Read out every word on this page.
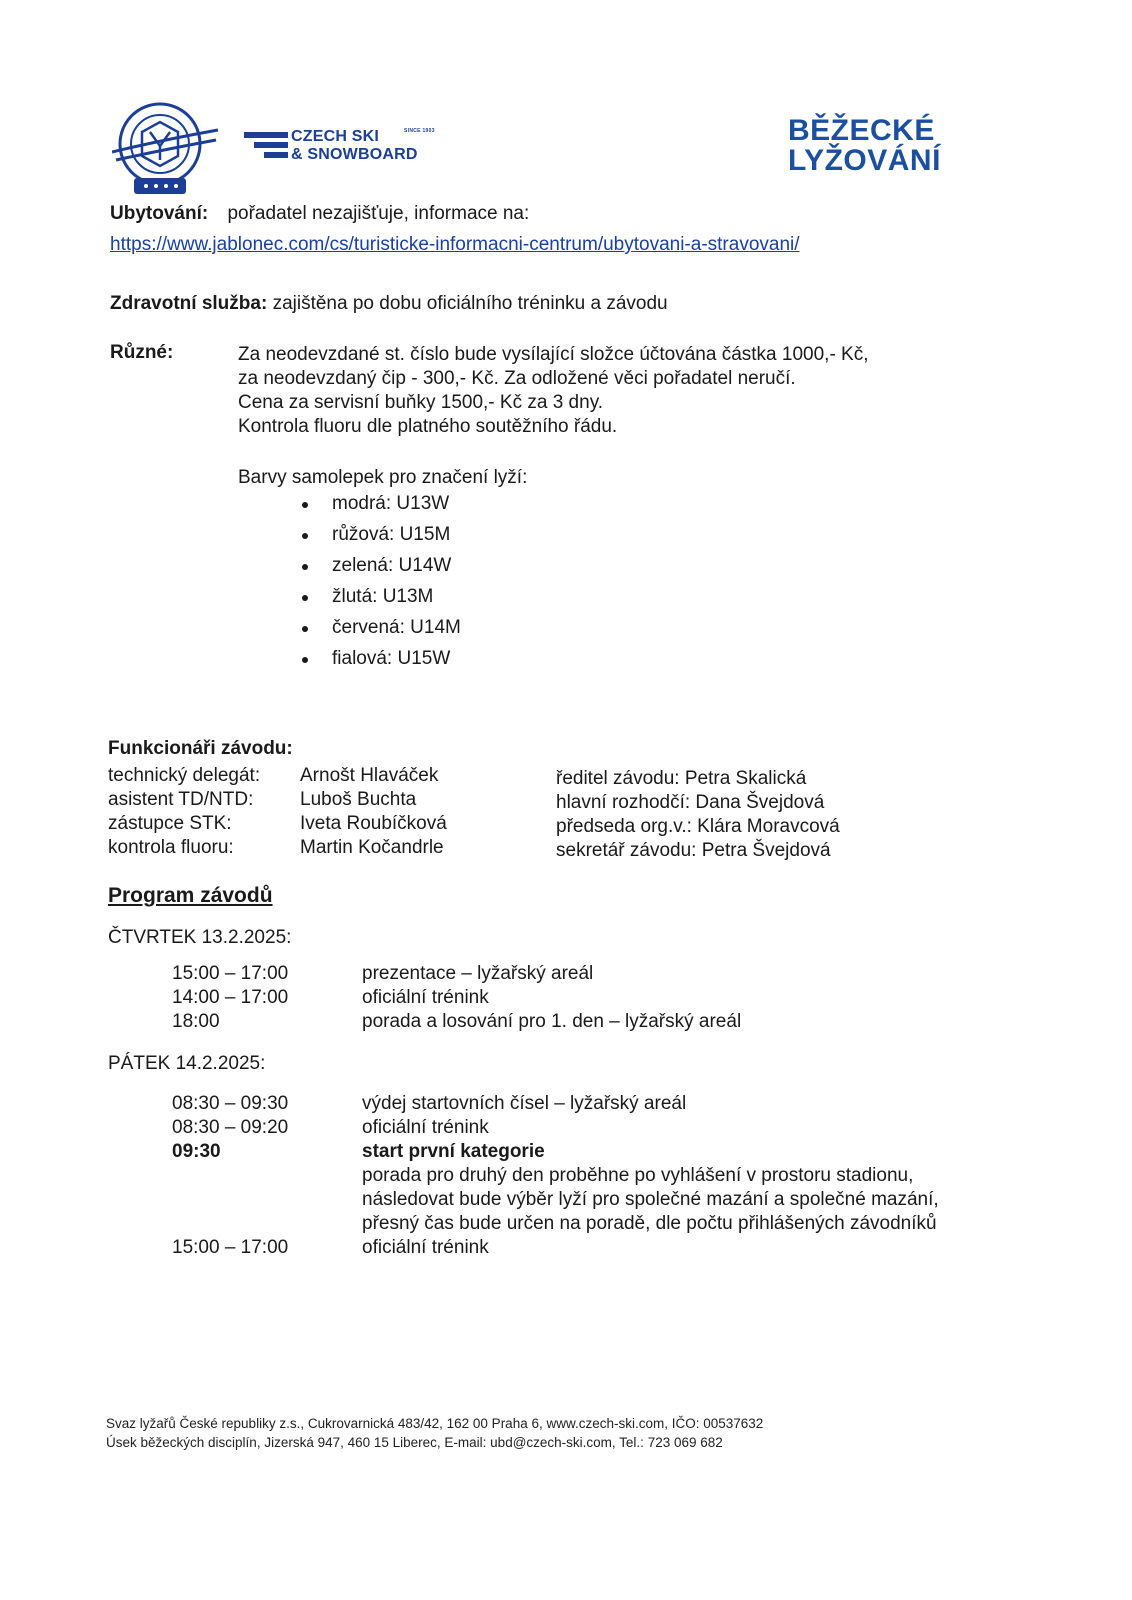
CZECH SKI
& SNOWBOARD
SINCE 1903	BĚŽECKÉ
LYŽOVÁNÍ
Ubytování: pořadatel nezajišťuje, informace na:
https://www.jablonec.com/cs/turisticke-informacni-centrum/ubytovani-a-stravovani/
Zdravotní služba: zajištěna po dobu oficiálního tréninku a závodu
Různé:	Za neodevzdané st. číslo bude vysílající složce účtována částka 1000,- Kč,
za neodevzdaný čip - 300,- Kč. Za odložené věci pořadatel neručí.
Cena za servisní buňky 1500,- Kč za 3 dny.
Kontrola fluoru dle platného soutěžního řádu.
Barvy samolepek pro značení lyží:
modrá: U13W
růžová: U15M
zelená: U14W
žlutá: U13M
červená: U14M
fialová: U15W
Funkcionáři závodu:
technický delegát:	Arnošt Hlaváček
asistent TD/NTD:	Luboš Buchta
zástupce STK:	Iveta Roubíčková
kontrola fluoru:	Martin Kočandrle
ředitel závodu: Petra Skalická
hlavní rozhodčí: Dana Švejdová
předseda org.v.: Klára Moravcová
sekretář závodu: Petra Švejdová
Program závodů
ČTVRTEK 13.2.2025:
15:00 – 17:00	prezentace – lyžařský areál
14:00 – 17:00	oficiální trénink
18:00	porada a losování pro 1. den – lyžařský areál
PÁTEK 14.2.2025:
08:30 – 09:30	výdej startovních čísel – lyžařský areál
08:30 – 09:20	oficiální trénink
09:30	start první kategorie
porada pro druhý den proběhne po vyhlášení v prostoru stadionu,
následovat bude výběr lyží pro společné mazání a společné mazání,
přesný čas bude určen na poradě, dle počtu přihlášených závodníků
15:00 – 17:00	oficiální trénink
Svaz lyžařů České republiky z.s., Cukrovarnická 483/42, 162 00 Praha 6, www.czech-ski.com, IČO: 00537632
Úsek běžeckých disciplín, Jizerská 947, 460 15 Liberec, E-mail: ubd@czech-ski.com, Tel.: 723 069 682
